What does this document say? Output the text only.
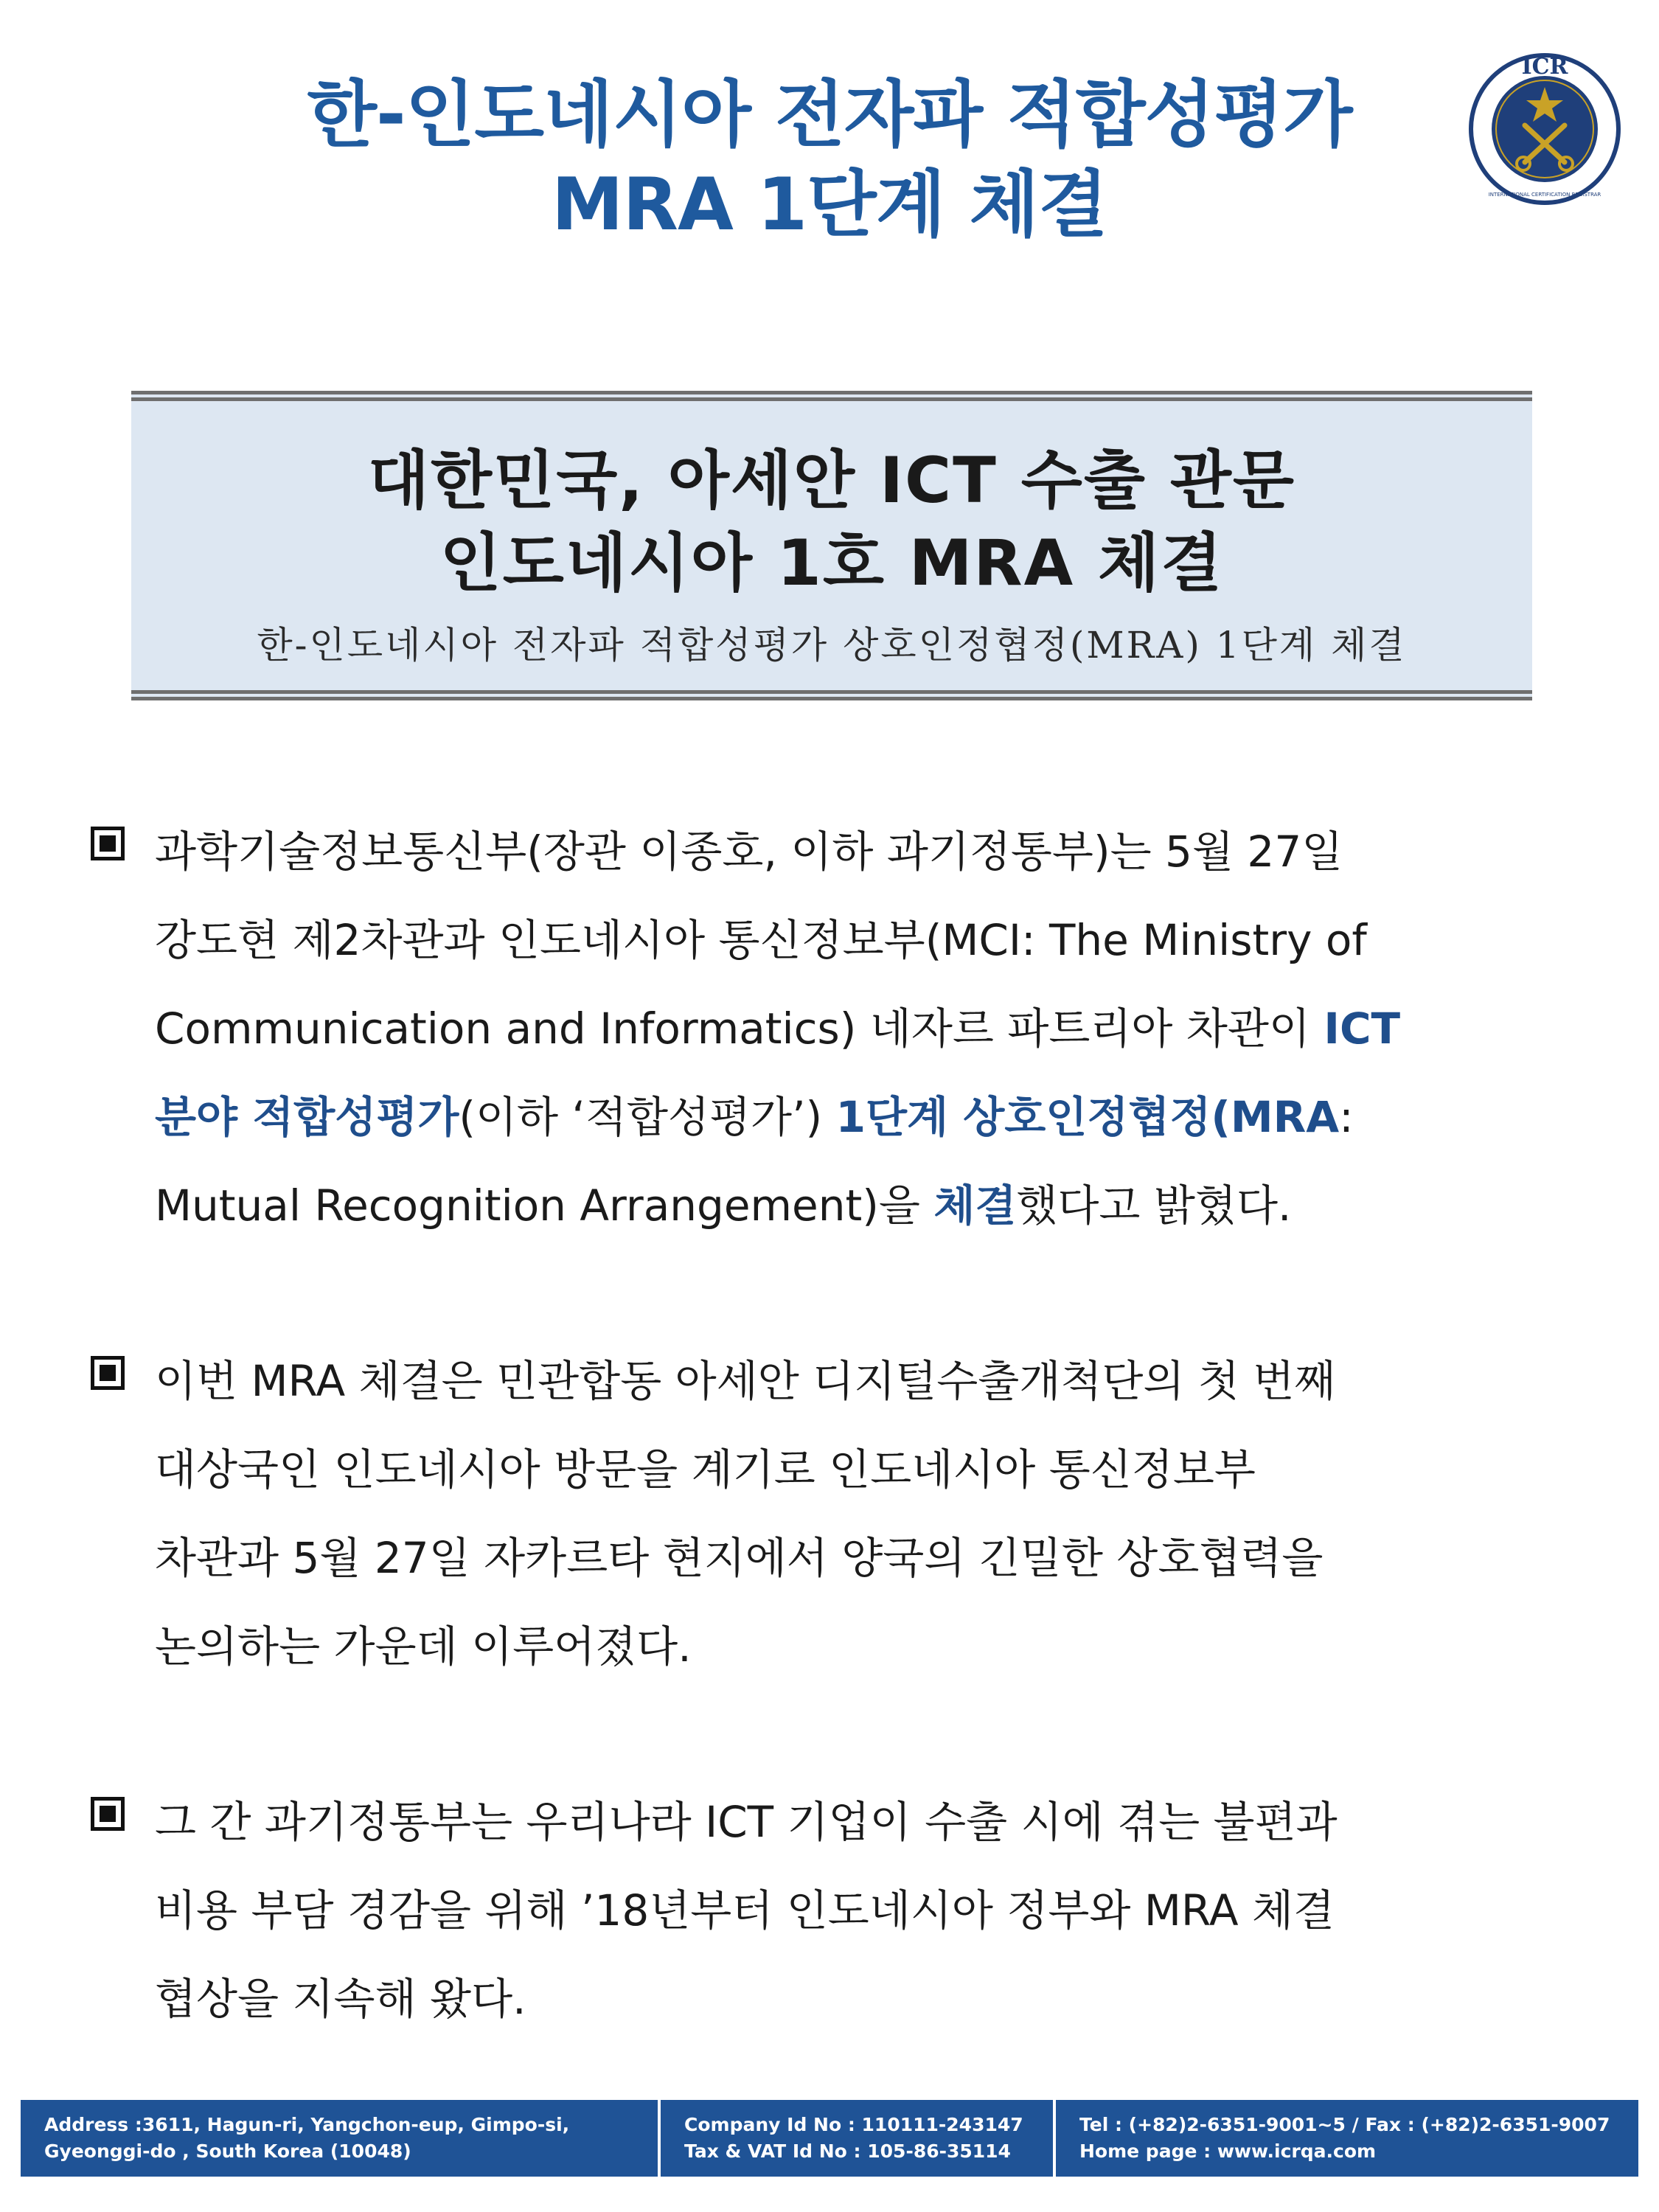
한-인도네시아 전자파 적합성평가
MRA 1단계 체결
ICR
INTERNATIONAL CERTIFICATION REGISTRAR
대한민국, 아세안 ICT 수출 관문
인도네시아 1호 MRA 체결
한-인도네시아 전자파 적합성평가 상호인정협정(MRA) 1단계 체결
과학기술정보통신부(장관 이종호, 이하 과기정통부)는 5월 27일
강도현 제2차관과 인도네시아 통신정보부(MCI: The Ministry of
Communication and Informatics) 네자르 파트리아 차관이 ICT
분야 적합성평가(이하 ‘적합성평가’) 1단계 상호인정협정(MRA:
Mutual Recognition Arrangement)을 체결했다고 밝혔다.
이번 MRA 체결은 민관합동 아세안 디지털수출개척단의 첫 번째
대상국인 인도네시아 방문을 계기로 인도네시아 통신정보부
차관과 5월 27일 자카르타 현지에서 양국의 긴밀한 상호협력을
논의하는 가운데 이루어졌다.
그 간 과기정통부는 우리나라 ICT 기업이 수출 시에 겪는 불편과
비용 부담 경감을 위해 ’18년부터 인도네시아 정부와 MRA 체결
협상을 지속해 왔다.
Address :3611, Hagun-ri, Yangchon-eup, Gimpo-si,
Gyeonggi-do , South Korea (10048)
Company Id No : 110111-243147
Tax & VAT Id No : 105-86-35114
Tel : (+82)2-6351-9001~5 / Fax : (+82)2-6351-9007
Home page : www.icrqa.com
